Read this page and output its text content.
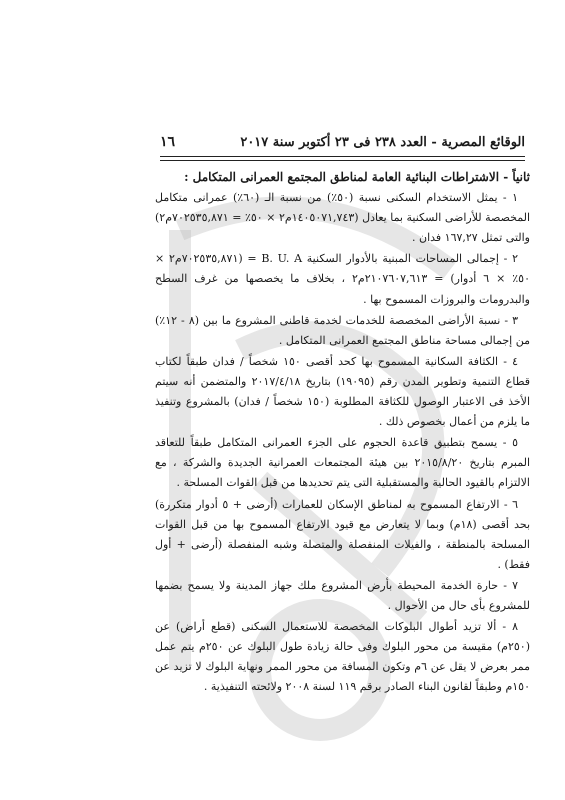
١٦	الوقائع المصرية - العدد ٢٣٨ فى ٢٣ أكتوبر سنة ٢٠١٧
ثانياً - الاشتراطات البنائية العامة لمناطق المجتمع العمرانى المتكامل :

١ - يمثل الاستخدام السكنى نسبة (٥٠٪) من نسبة الـ (٦٠٪) عمرانى متكامل المخصصة للأراضى السكنية بما يعادل (١٤٠٥٠٧١,٧٤٣م٢ × ٥٠٪ = ٧٠٢٥٣٥,٨٧١م٢) والتى تمثل ١٦٧,٢٧ فدان .

٢ - إجمالى المساحات المبنية بالأدوار السكنية B. U. A = (٧٠٢٥٣٥,٨٧١م٢ × ٥٠٪ × ٦ أدوار) = ٢١٠٧٦٠٧,٦١٣م٢ ، بخلاف ما يخصصها من غرف السطح والبدرومات والبروزات المسموح بها .

٣ - نسبة الأراضى المخصصة للخدمات لخدمة قاطنى المشروع ما بين (٨ - ١٢٪) من إجمالى مساحة مناطق المجتمع العمرانى المتكامل .

٤ - الكثافة السكانية المسموح بها كحد أقصى ١٥٠ شخصاً / فدان طبقاً لكتاب قطاع التنمية وتطوير المدن رقم (١٩٠٩٥) بتاريخ ٢٠١٧/٤/١٨ والمتضمن أنه سيتم الأخذ فى الاعتبار الوصول للكثافة المطلوبة (١٥٠ شخصاً / فدان) بالمشروع وتنفيذ ما يلزم من أعمال بخصوص ذلك .

٥ - يسمح بتطبيق قاعدة الحجوم على الجزء العمرانى المتكامل طبقاً للتعاقد المبرم بتاريخ ٢٠١٥/٨/٢٠ بين هيئة المجتمعات العمرانية الجديدة والشركة ، مع الالتزام بالقيود الحالية والمستقبلية التى يتم تحديدها من قبل القوات المسلحة .

٦ - الارتفاع المسموح به لمناطق الإسكان للعمارات (أرضى + ٥ أدوار متكررة) بحد أقصى (١٨م) وبما لا يتعارض مع قيود الارتفاع المسموح بها من قبل القوات المسلحة بالمنطقة ، والفيلات المنفصلة والمتصلة وشبه المنفصلة (أرضى + أول فقط) .

٧ - حارة الخدمة المحيطة بأرض المشروع ملك جهاز المدينة ولا يسمح بضمها للمشروع بأى حال من الأحوال .

٨ - ألا تزيد أطوال البلوكات المخصصة للاستعمال السكنى (قطع أراض) عن (٢٥٠م) مقيسة من محور البلوك وفى حالة زيادة طول البلوك عن ٢٥٠م يتم عمل ممر بعرض لا يقل عن ٦م وتكون المسافة من محور الممر ونهاية البلوك لا تزيد عن ١٥٠م وطبقاً لقانون البناء الصادر برقم ١١٩ لسنة ٢٠٠٨ ولائحته التنفيذية .
